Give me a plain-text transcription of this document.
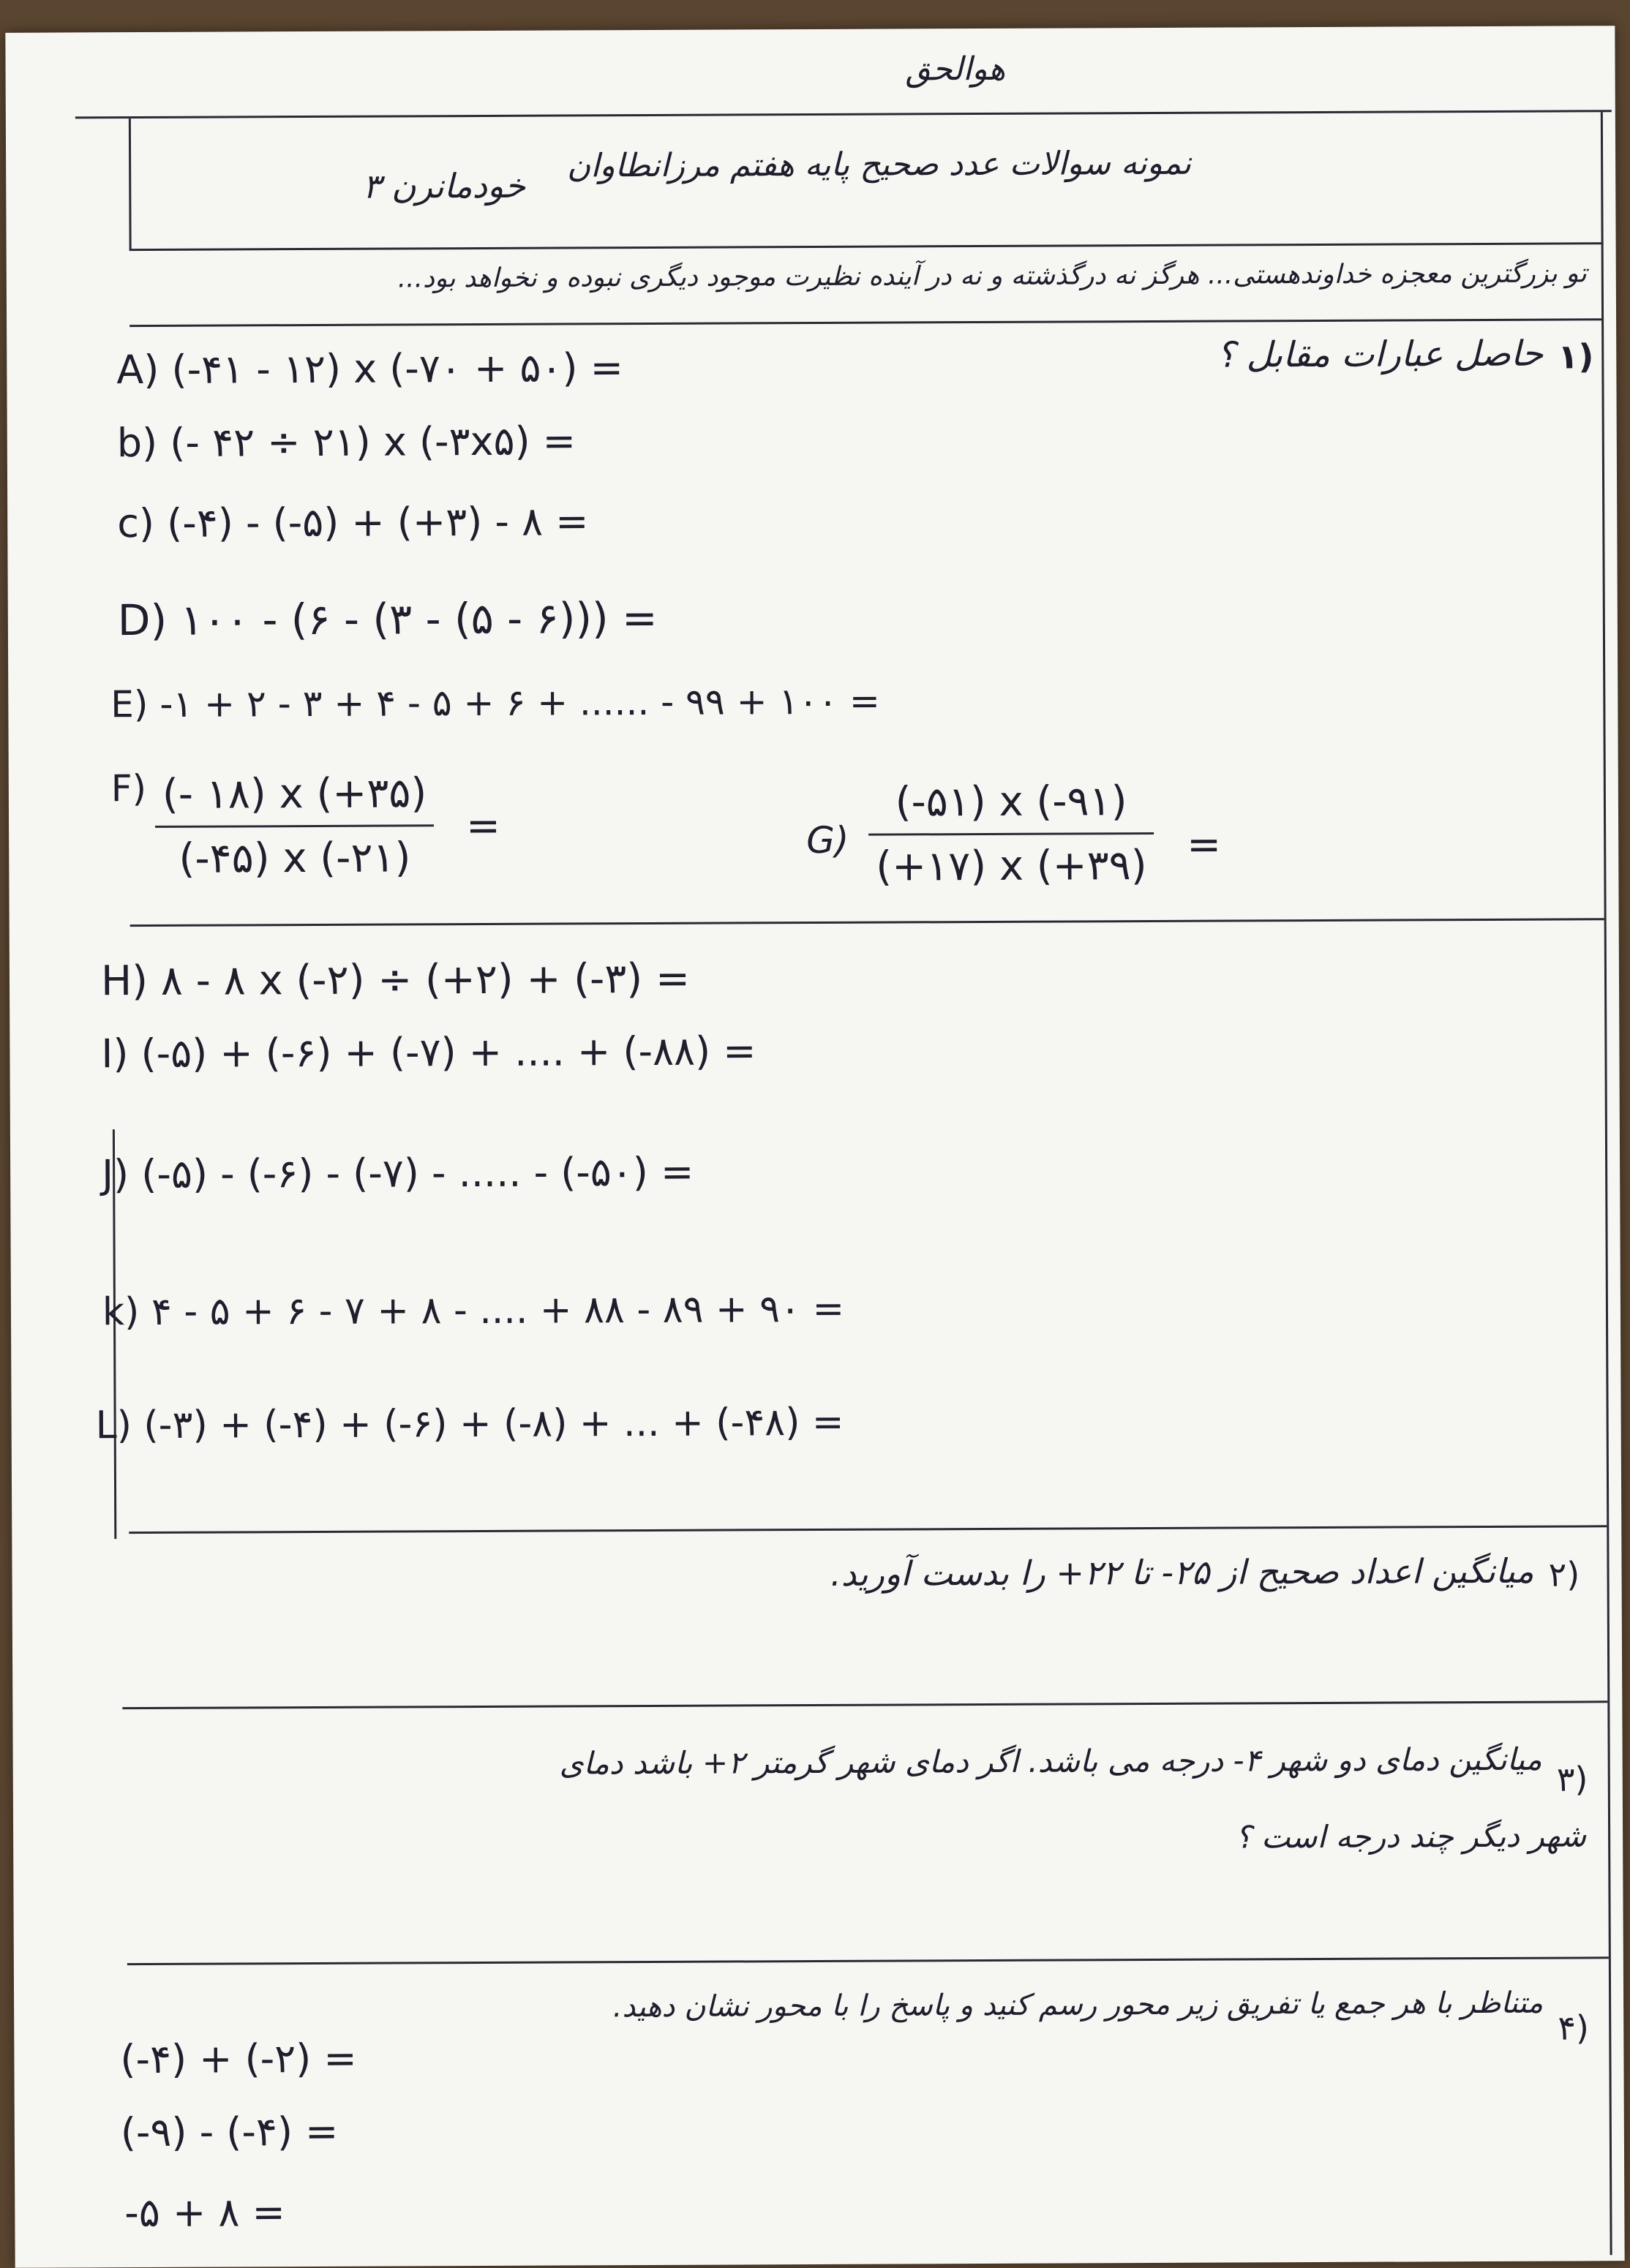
هوالحق
نمونه سوالات عدد صحیح پایه هفتم مرزانطاوان
خودمانرن ۳
تو بزرگترین معجزه خداوندهستی... هرگز نه درگذشته و نه در آینده نظیرت موجود دیگری نبوده و نخواهد بود...
۱)
حاصل عبارات مقابل ؟
A) (-۴۱ - ۱۲) x (-۷۰ + ۵۰) =
b) (- ۴۲ ÷ ۲۱) x (-۳x۵) =
c) (-۴) - (-۵) + (+۳) - ۸ =
D) ۱۰۰ - (۶ - (۳ - (۵ - ۶))) =
E) -۱ + ۲ - ۳ + ۴ - ۵ + ۶ + ...... - ۹۹ + ۱۰۰ =
F) (- ۱۸) x (+۳۵)
(-۴۵) x (-۲۱)
=	G)
(-۵۱) x (-۹۱)
(+۱۷) x (+۳۹) =
H) ۸ - ۸ x (-۲) ÷ (+۲) + (-۳) =
I) (-۵) + (-۶) + (-۷) + .... + (-۸۸) =
J) (-۵) - (-۶) - (-۷) - ..... - (-۵۰) =
k) ۴ - ۵ + ۶ - ۷ + ۸ - .... + ۸۸ - ۸۹ + ۹۰ =
L) (-۳) + (-۴) + (-۶) + (-۸) + ... + (-۴۸) =
۲)
میانگین اعداد صحیح از ۲۵- تا ۲۲+ را بدست آورید.
۳)
میانگین دمای دو شهر ۴- درجه می باشد. اگر دمای شهر گرمتر ۲+ باشد دمای
شهر دیگر چند درجه است ؟
۴)
متناظر با هر جمع یا تفریق زیر محور رسم کنید و پاسخ را با محور نشان دهید.
(-۴) + (-۲) =
(-۹) - (-۴) =
-۵ + ۸ =
